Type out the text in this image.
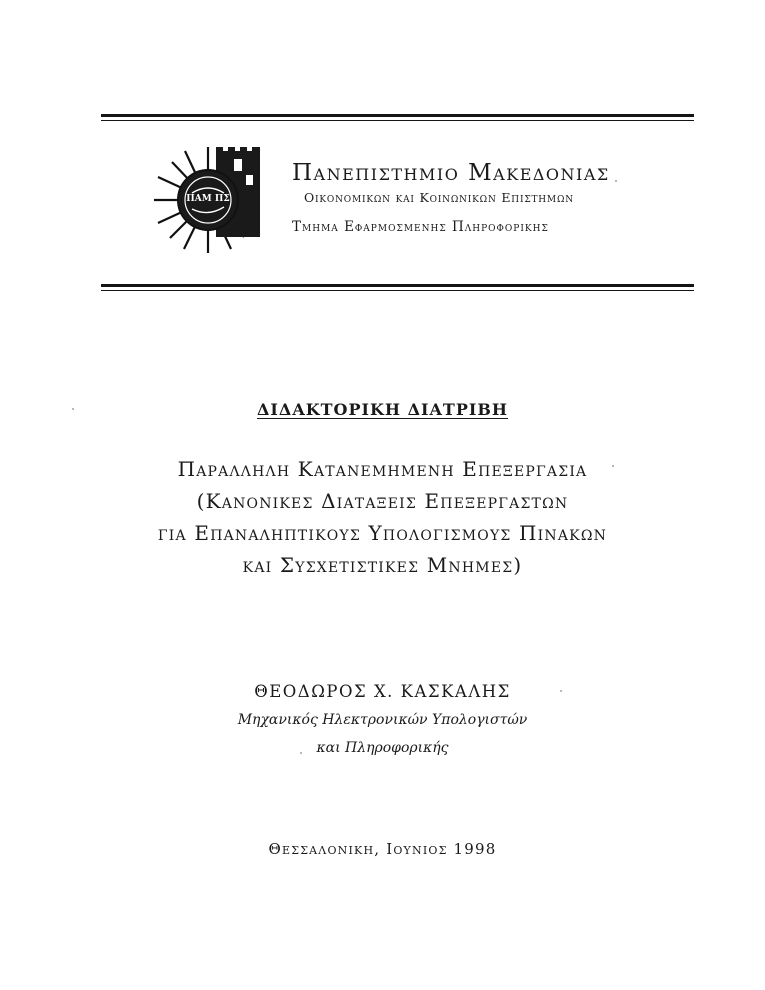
ΠΑΜ ΠΣ
Πανεπιστημιο Μακεδονιας
Οικονομικων και Κοινωνικων Επιστημων
Τμημα Εφαρμοσμενης Πληροφορικης
ΔΙΔΑΚΤΟΡΙΚΗ ΔΙΑΤΡΙΒΗ
Παραλληλη Κατανεμημενη Επεξεργασια
(Κανονικες Διαταξεις Επεξεργαστων
για Επαναληπτικους Υπολογισμους Πινακων
και Συσχετιστικες Μνημες)
ΘΕΟΔΩΡΟΣ Χ. ΚΑΣΚΑΛΗΣ
Μηχανικός Ηλεκτρονικών Υπολογιστών
και Πληροφορικής
Θεσσαλονικη, Ιουνιος 1998
